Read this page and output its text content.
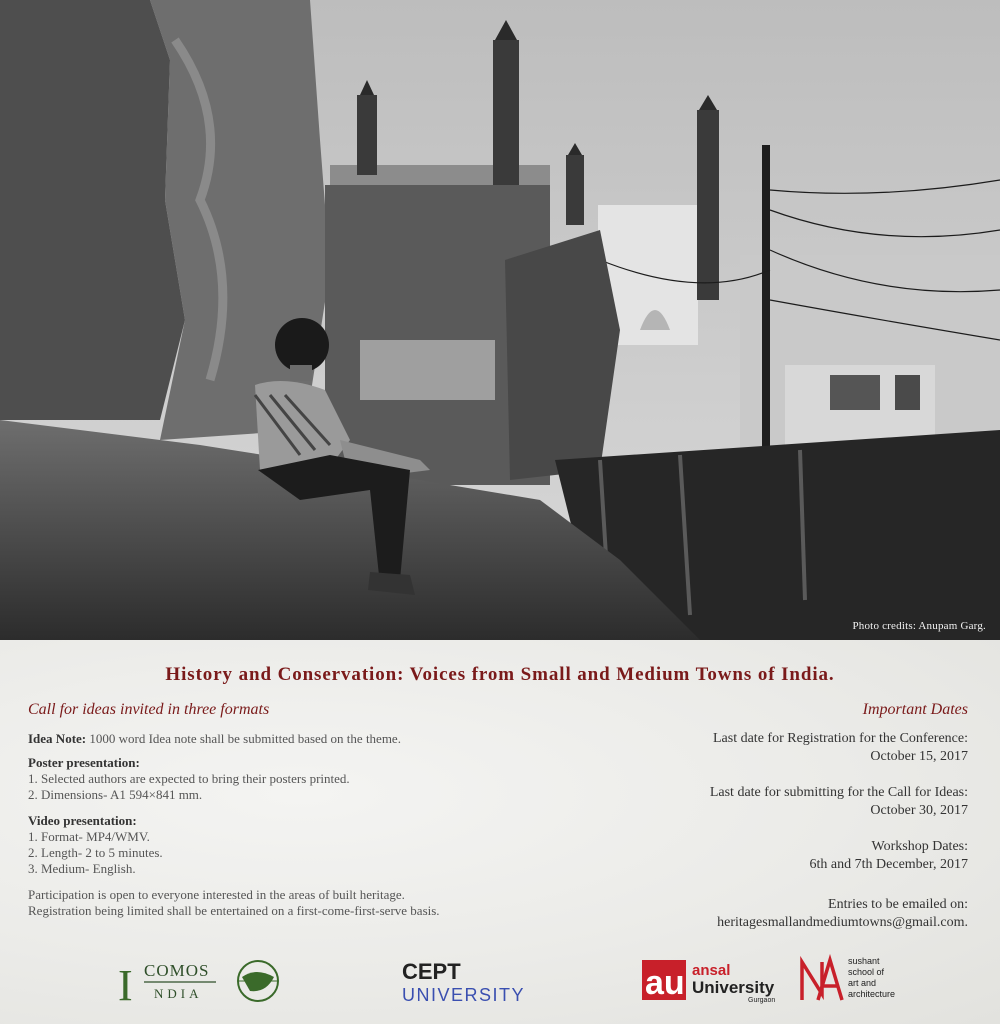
Photo credits: Anupam Garg.
History and Conservation: Voices from Small and Medium Towns of India.
Call for ideas invited in three formats	Important Dates
Idea Note: 1000 word Idea note shall be submitted based on the theme.
Poster presentation:
1. Selected authors are expected to bring their posters printed.
2. Dimensions- A1 594×841 mm.
Video presentation:
1. Format- MP4/WMV.
2. Length- 2 to 5 minutes.
3. Medium- English.
Participation is open to everyone interested in the areas of built heritage.
Registration being limited shall be entertained on a first-come-first-serve basis.
Last date for Registration for the Conference:
October 15, 2017
Last date for submitting for the Call for Ideas:
October 30, 2017
Workshop Dates:
6th and 7th December, 2017
Entries to be emailed on:
heritagesmallandmediumtowns@gmail.com.
I COMOS
NDIA
CEPT
UNIVERSITY	au ansal
University
Gurgaon
sushant
school of
art and
architecture
